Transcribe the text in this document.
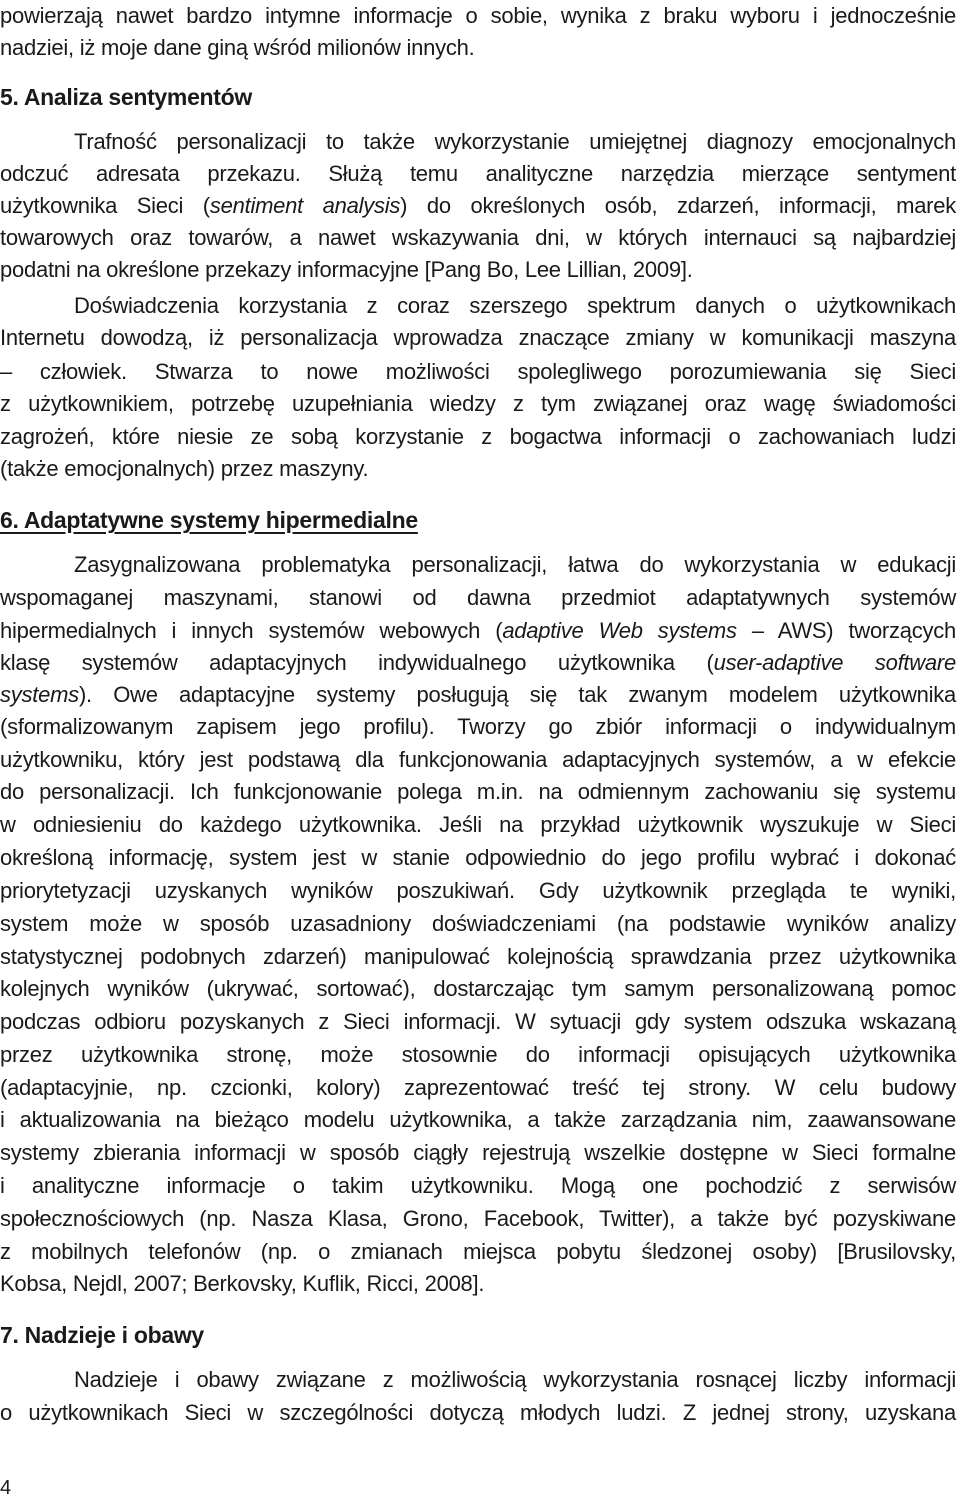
powierzają nawet bardzo intymne informacje o sobie, wynika z braku wyboru i jednocześnie
nadziei, iż moje dane giną wśród milionów innych.
5. Analiza sentymentów
Trafność personalizacji to także wykorzystanie umiejętnej diagnozy emocjonalnych
odczuć adresata przekazu. Służą temu analityczne narzędzia mierzące sentyment
użytkownika Sieci (sentiment analysis) do określonych osób, zdarzeń, informacji, marek
towarowych oraz towarów, a nawet wskazywania dni, w których internauci są najbardziej
podatni na określone przekazy informacyjne [Pang Bo, Lee Lillian, 2009].
Doświadczenia korzystania z coraz szerszego spektrum danych o użytkownikach
Internetu dowodzą, iż personalizacja wprowadza znaczące zmiany w komunikacji maszyna
– człowiek. Stwarza to nowe możliwości spolegliwego porozumiewania się Sieci
z użytkownikiem, potrzebę uzupełniania wiedzy z tym związanej oraz wagę świadomości
zagrożeń, które niesie ze sobą korzystanie z bogactwa informacji o zachowaniach ludzi
(także emocjonalnych) przez maszyny.
6. Adaptatywne systemy hipermedialne
Zasygnalizowana problematyka personalizacji, łatwa do wykorzystania w edukacji
wspomaganej maszynami, stanowi od dawna przedmiot adaptatywnych systemów
hipermedialnych i innych systemów webowych (adaptive Web systems – AWS) tworzących
klasę systemów adaptacyjnych indywidualnego użytkownika (user-adaptive software
systems). Owe adaptacyjne systemy posługują się tak zwanym modelem użytkownika
(sformalizowanym zapisem jego profilu). Tworzy go zbiór informacji o indywidualnym
użytkowniku, który jest podstawą dla funkcjonowania adaptacyjnych systemów, a w efekcie
do personalizacji. Ich funkcjonowanie polega m.in. na odmiennym zachowaniu się systemu
w odniesieniu do każdego użytkownika. Jeśli na przykład użytkownik wyszukuje w Sieci
określoną informację, system jest w stanie odpowiednio do jego profilu wybrać i dokonać
priorytetyzacji uzyskanych wyników poszukiwań. Gdy użytkownik przegląda te wyniki,
system może w sposób uzasadniony doświadczeniami (na podstawie wyników analizy
statystycznej podobnych zdarzeń) manipulować kolejnością sprawdzania przez użytkownika
kolejnych wyników (ukrywać, sortować), dostarczając tym samym personalizowaną pomoc
podczas odbioru pozyskanych z Sieci informacji. W sytuacji gdy system odszuka wskazaną
przez użytkownika stronę, może stosownie do informacji opisujących użytkownika
(adaptacyjnie, np. czcionki, kolory) zaprezentować treść tej strony. W celu budowy
i aktualizowania na bieżąco modelu użytkownika, a także zarządzania nim, zaawansowane
systemy zbierania informacji w sposób ciągły rejestrują wszelkie dostępne w Sieci formalne
i analityczne informacje o takim użytkowniku. Mogą one pochodzić z serwisów
społecznościowych (np. Nasza Klasa, Grono, Facebook, Twitter), a także być pozyskiwane
z mobilnych telefonów (np. o zmianach miejsca pobytu śledzonej osoby) [Brusilovsky,
Kobsa, Nejdl, 2007; Berkovsky, Kuflik, Ricci, 2008].
7. Nadzieje i obawy
Nadzieje i obawy związane z możliwością wykorzystania rosnącej liczby informacji
o użytkownikach Sieci w szczególności dotyczą młodych ludzi. Z jednej strony, uzyskana
4
